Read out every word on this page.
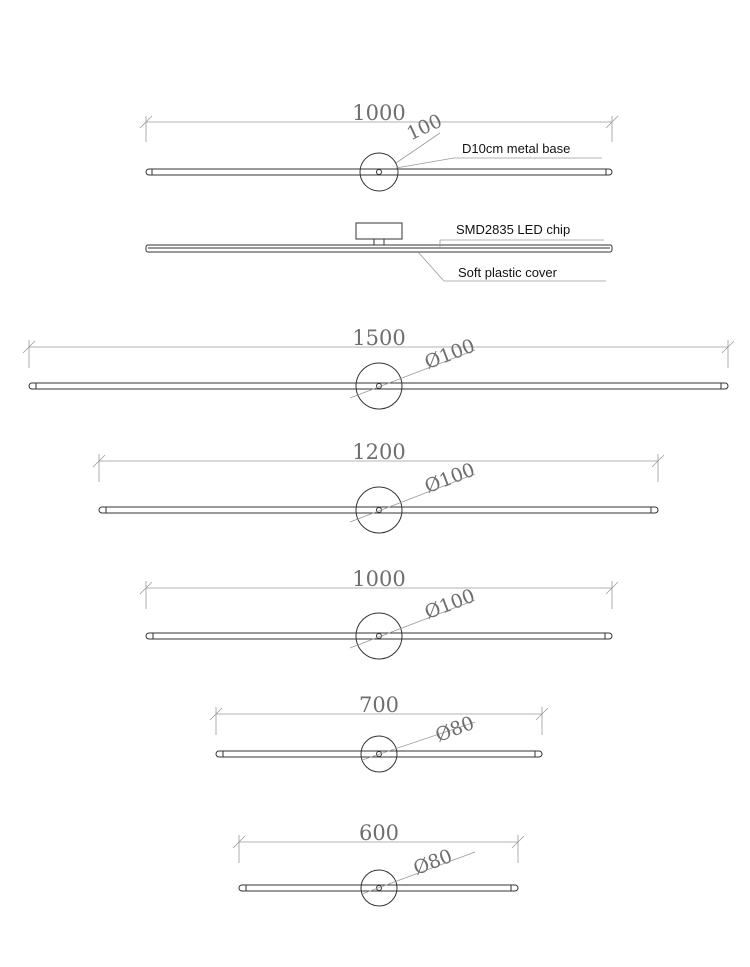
1000
100
D10cm metal base
SMD2835 LED chip
Soft plastic cover
1500 Ø100
1200
Ø100
1000
Ø100
700
Ø80
600
Ø80
